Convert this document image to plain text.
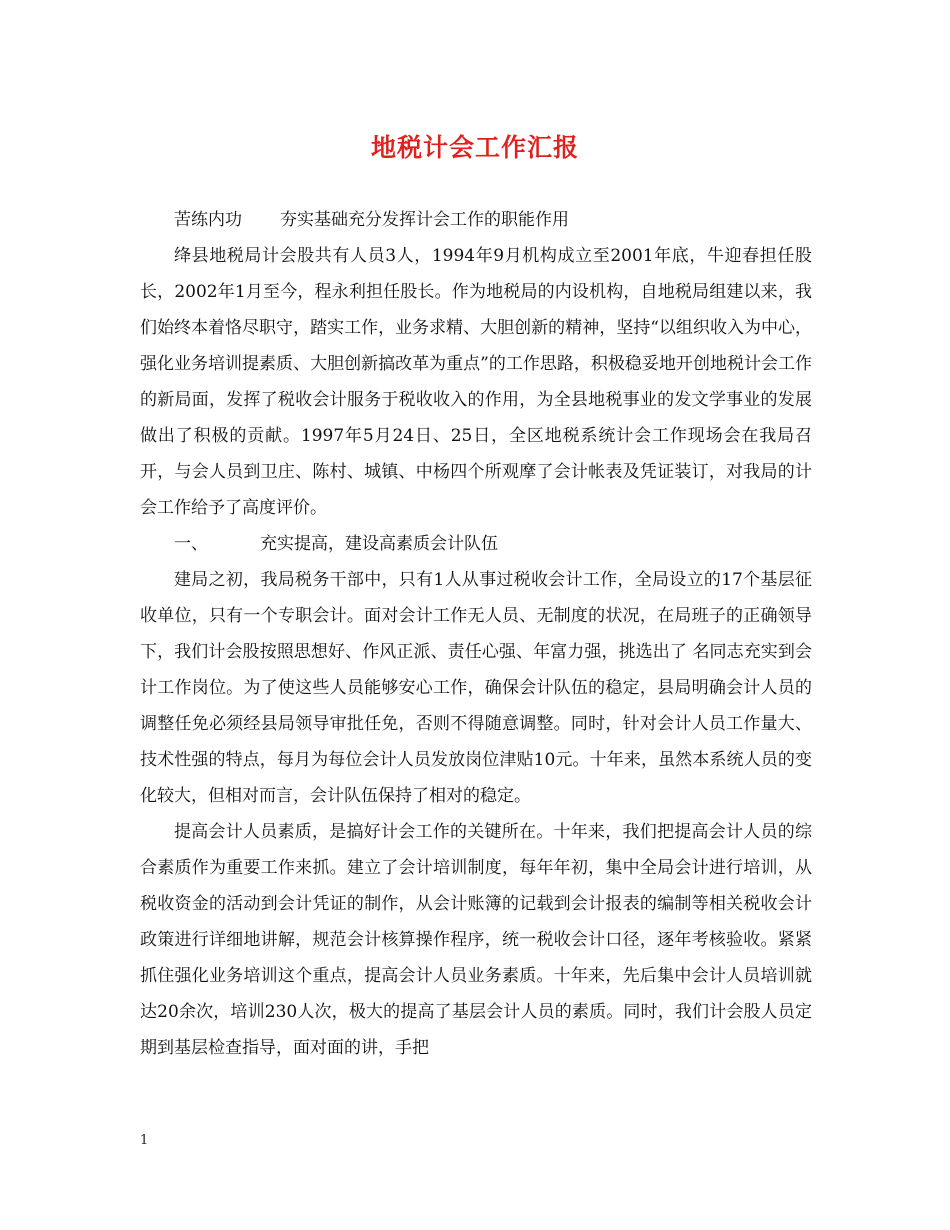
地税计会工作汇报
苦练内功 夯实基础充分发挥计会工作的职能作用

绛县地税局计会股共有人员3人，1994年9月机构成立至2001年底，牛迎春担任股长，2002年1月至今，程永利担任股长。作为地税局的内设机构，自地税局组建以来，我们始终本着恪尽职守，踏实工作，业务求精、大胆创新的精神，坚持“以组织收入为中心，强化业务培训提素质、大胆创新搞改革为重点”的工作思路，积极稳妥地开创地税计会工作的新局面，发挥了税收会计服务于税收收入的作用，为全县地税事业的发文学事业的发展做出了积极的贡献。1997年5月24日、25日，全区地税系统计会工作现场会在我局召开，与会人员到卫庄、陈村、城镇、中杨四个所观摩了会计帐表及凭证装订，对我局的计会工作给予了高度评价。

一、	充实提高，建设高素质会计队伍

建局之初，我局税务干部中，只有1人从事过税收会计工作，全局设立的17个基层征收单位，只有一个专职会计。面对会计工作无人员、无制度的状况，在局班子的正确领导下，我们计会股按照思想好、作风正派、责任心强、年富力强，挑选出了 名同志充实到会计工作岗位。为了使这些人员能够安心工作，确保会计队伍的稳定，县局明确会计人员的调整任免必须经县局领导审批任免，否则不得随意调整。同时，针对会计人员工作量大、技术性强的特点，每月为每位会计人员发放岗位津贴10元。十年来，虽然本系统人员的变化较大，但相对而言，会计队伍保持了相对的稳定。

提高会计人员素质，是搞好计会工作的关键所在。十年来，我们把提高会计人员的综合素质作为重要工作来抓。建立了会计培训制度，每年年初，集中全局会计进行培训，从税收资金的活动到会计凭证的制作，从会计账簿的记载到会计报表的编制等相关税收会计政策进行详细地讲解，规范会计核算操作程序，统一税收会计口径，逐年考核验收。紧紧抓住强化业务培训这个重点，提高会计人员业务素质。十年来，先后集中会计人员培训就达20余次，培训230人次，极大的提高了基层会计人员的素质。同时，我们计会股人员定期到基层检查指导，面对面的讲，手把

1
